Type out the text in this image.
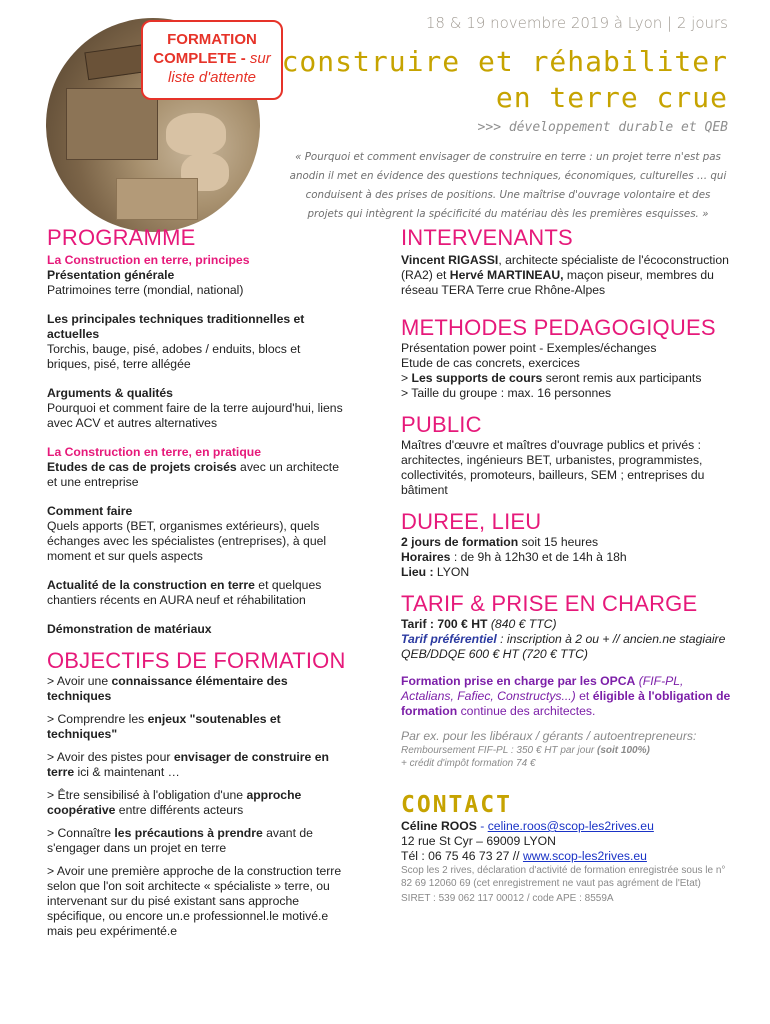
FORMATION
COMPLETE - sur
liste d'attente
18 & 19 novembre 2019 à Lyon | 2 jours
construire et réhabiliter
en terre crue
>>> développement durable et QEB
« Pourquoi et comment envisager de construire en terre : un projet terre n'est pas anodin il met en évidence des questions techniques, économiques, culturelles … qui conduisent à des prises de positions. Une maîtrise d'ouvrage volontaire et des projets qui intègrent la spécificité du matériau dès les premières esquisses. »
PROGRAMME
La Construction en terre, principes
Présentation générale
Patrimoines terre (mondial, national)
Les principales techniques traditionnelles et actuelles
Torchis, bauge, pisé, adobes / enduits, blocs et briques, pisé, terre allégée
Arguments & qualités
Pourquoi et comment faire de la terre aujourd'hui, liens avec ACV et autres alternatives
La Construction en terre, en pratique
Etudes de cas de projets croisés avec un architecte et une entreprise
Comment faire
Quels apports (BET, organismes extérieurs), quels échanges avec les spécialistes (entreprises), à quel moment et sur quels aspects
Actualité de la construction en terre et quelques chantiers récents en AURA neuf et réhabilitation
Démonstration de matériaux
OBJECTIFS DE FORMATION
> Avoir une connaissance élémentaire des techniques
> Comprendre les enjeux "soutenables et techniques"
> Avoir des pistes pour envisager de construire en terre ici & maintenant …
> Être sensibilisé à l'obligation d'une approche coopérative entre différents acteurs
> Connaître les précautions à prendre avant de s'engager dans un projet en terre
> Avoir une première approche de la construction terre selon que l'on soit architecte « spécialiste » terre, ou intervenant sur du pisé existant sans approche spécifique, ou encore un.e professionnel.le motivé.e mais peu expérimenté.e
INTERVENANTS
Vincent RIGASSI, architecte spécialiste de l'écoconstruction (RA2) et Hervé MARTINEAU, maçon piseur, membres du réseau TERA Terre crue Rhône-Alpes
METHODES PEDAGOGIQUES
Présentation power point - Exemples/échanges
Etude de cas concrets, exercices
> Les supports de cours seront remis aux participants
> Taille du groupe : max. 16 personnes
PUBLIC
Maîtres d'œuvre et maîtres d'ouvrage publics et privés : architectes, ingénieurs BET, urbanistes, programmistes, collectivités, promoteurs, bailleurs, SEM ; entreprises du bâtiment
DUREE, LIEU
2 jours de formation soit 15 heures
Horaires : de 9h à 12h30 et de 14h à 18h
Lieu : LYON
TARIF & PRISE EN CHARGE
Tarif : 700 € HT (840 € TTC)
Tarif préférentiel : inscription à 2 ou + // ancien.ne stagiaire QEB/DDQE 600 € HT (720 € TTC)
Formation prise en charge par les OPCA (FIF-PL, Actalians, Fafiec, Constructys...) et éligible à l'obligation de formation continue des architectes.
Par ex. pour les libéraux / gérants / autoentrepreneurs:
Remboursement FIF-PL : 350 € HT par jour (soit 100%)
+ crédit d'impôt formation 74 €
CONTACT
Céline ROOS - celine.roos@scop-les2rives.eu
12 rue St Cyr – 69009 LYON
Tél : 06 75 46 73 27 // www.scop-les2rives.eu
Scop les 2 rives, déclaration d'activité de formation enregistrée sous le n° 82 69 12060 69 (cet enregistrement ne vaut pas agrément de l'Etat)
SIRET : 539 062 117 00012 / code APE : 8559A
